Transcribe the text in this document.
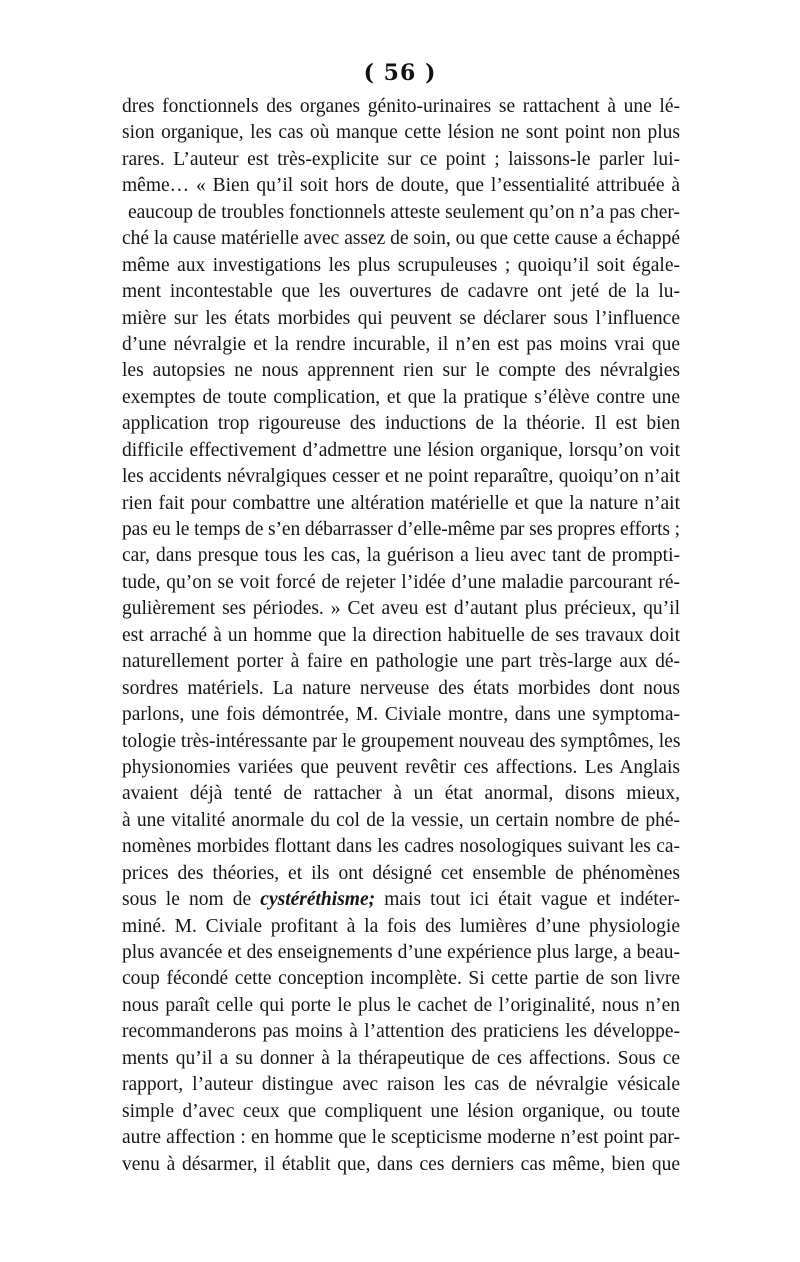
( 56 )
dres fonctionnels des organes génito-urinaires se rattachent à une lé-
sion organique, les cas où manque cette lésion ne sont point non plus
rares. L’auteur est très-explicite sur ce point ; laissons-le parler lui-
même… « Bien qu’il soit hors de doute, que l’essentialité attribuée à
eaucoup de troubles fonctionnels atteste seulement qu’on n’a pas cher-
ché la cause matérielle avec assez de soin, ou que cette cause a échappé
même aux investigations les plus scrupuleuses ; quoiqu’il soit égale-
ment incontestable que les ouvertures de cadavre ont jeté de la lu-
mière sur les états morbides qui peuvent se déclarer sous l’influence
d’une névralgie et la rendre incurable, il n’en est pas moins vrai que
les autopsies ne nous apprennent rien sur le compte des névralgies
exemptes de toute complication, et que la pratique s’élève contre une
application trop rigoureuse des inductions de la théorie. Il est bien
difficile effectivement d’admettre une lésion organique, lorsqu’on voit
les accidents névralgiques cesser et ne point reparaître, quoiqu’on n’ait
rien fait pour combattre une altération matérielle et que la nature n’ait
pas eu le temps de s’en débarrasser d’elle-même par ses propres efforts ;
car, dans presque tous les cas, la guérison a lieu avec tant de prompti-
tude, qu’on se voit forcé de rejeter l’idée d’une maladie parcourant ré-
gulièrement ses périodes. » Cet aveu est d’autant plus précieux, qu’il
est arraché à un homme que la direction habituelle de ses travaux doit
naturellement porter à faire en pathologie une part très-large aux dé-
sordres matériels. La nature nerveuse des états morbides dont nous
parlons, une fois démontrée, M. Civiale montre, dans une symptoma-
tologie très-intéressante par le groupement nouveau des symptômes, les
physionomies variées que peuvent revêtir ces affections. Les Anglais
avaient déjà tenté de rattacher à un état anormal, disons mieux,
à une vitalité anormale du col de la vessie, un certain nombre de phé-
nomènes morbides flottant dans les cadres nosologiques suivant les ca-
prices des théories, et ils ont désigné cet ensemble de phénomènes
sous le nom de cystéréthisme; mais tout ici était vague et indéter-
miné. M. Civiale profitant à la fois des lumières d’une physiologie
plus avancée et des enseignements d’une expérience plus large, a beau-
coup fécondé cette conception incomplète. Si cette partie de son livre
nous paraît celle qui porte le plus le cachet de l’originalité, nous n’en
recommanderons pas moins à l’attention des praticiens les développe-
ments qu’il a su donner à la thérapeutique de ces affections. Sous ce
rapport, l’auteur distingue avec raison les cas de névralgie vésicale
simple d’avec ceux que compliquent une lésion organique, ou toute
autre affection : en homme que le scepticisme moderne n’est point par-
venu à désarmer, il établit que, dans ces derniers cas même, bien que
